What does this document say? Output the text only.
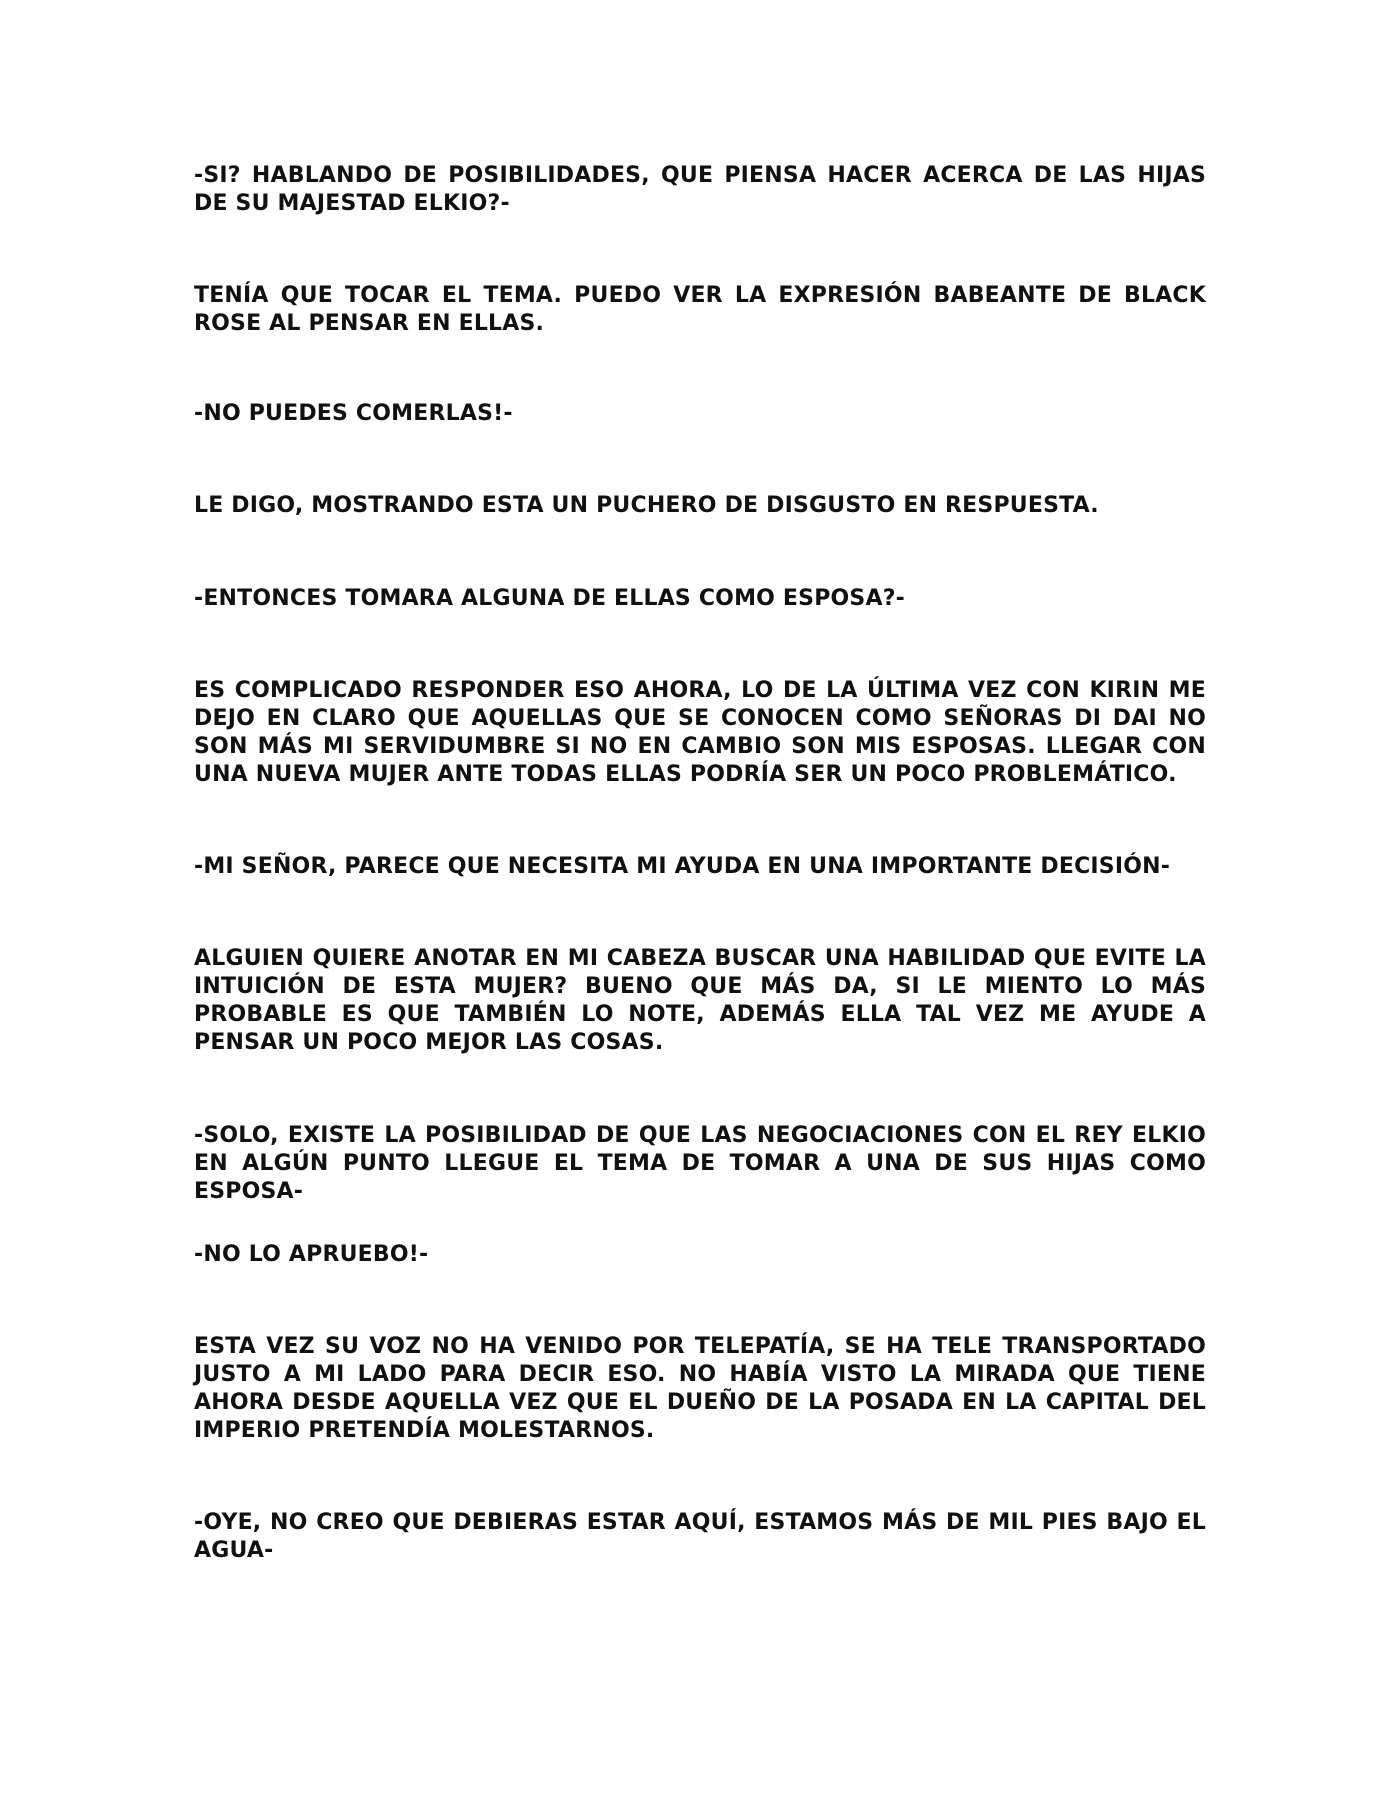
-SI? HABLANDO DE POSIBILIDADES, QUE PIENSA HACER ACERCA DE LAS HIJAS DE SU MAJESTAD ELKIO?-

TENÍA QUE TOCAR EL TEMA. PUEDO VER LA EXPRESIÓN BABEANTE DE BLACK ROSE AL PENSAR EN ELLAS.

-NO PUEDES COMERLAS!-

LE DIGO, MOSTRANDO ESTA UN PUCHERO DE DISGUSTO EN RESPUESTA.

-ENTONCES TOMARA ALGUNA DE ELLAS COMO ESPOSA?-

ES COMPLICADO RESPONDER ESO AHORA, LO DE LA ÚLTIMA VEZ CON KIRIN ME DEJO EN CLARO QUE AQUELLAS QUE SE CONOCEN COMO SEÑORAS DI DAI NO SON MÁS MI SERVIDUMBRE SI NO EN CAMBIO SON MIS ESPOSAS. LLEGAR CON UNA NUEVA MUJER ANTE TODAS ELLAS PODRÍA SER UN POCO PROBLEMÁTICO.

-MI SEÑOR, PARECE QUE NECESITA MI AYUDA EN UNA IMPORTANTE DECISIÓN-

ALGUIEN QUIERE ANOTAR EN MI CABEZA BUSCAR UNA HABILIDAD QUE EVITE LA INTUICIÓN DE ESTA MUJER? BUENO QUE MÁS DA, SI LE MIENTO LO MÁS PROBABLE ES QUE TAMBIÉN LO NOTE, ADEMÁS ELLA TAL VEZ ME AYUDE A PENSAR UN POCO MEJOR LAS COSAS.

-SOLO, EXISTE LA POSIBILIDAD DE QUE LAS NEGOCIACIONES CON EL REY ELKIO EN ALGÚN PUNTO LLEGUE EL TEMA DE TOMAR A UNA DE SUS HIJAS COMO ESPOSA-

-NO LO APRUEBO!-

ESTA VEZ SU VOZ NO HA VENIDO POR TELEPATÍA, SE HA TELE TRANSPORTADO JUSTO A MI LADO PARA DECIR ESO. NO HABÍA VISTO LA MIRADA QUE TIENE AHORA DESDE AQUELLA VEZ QUE EL DUEÑO DE LA POSADA EN LA CAPITAL DEL IMPERIO PRETENDÍA MOLESTARNOS.

-OYE, NO CREO QUE DEBIERAS ESTAR AQUÍ, ESTAMOS MÁS DE MIL PIES BAJO EL AGUA-
